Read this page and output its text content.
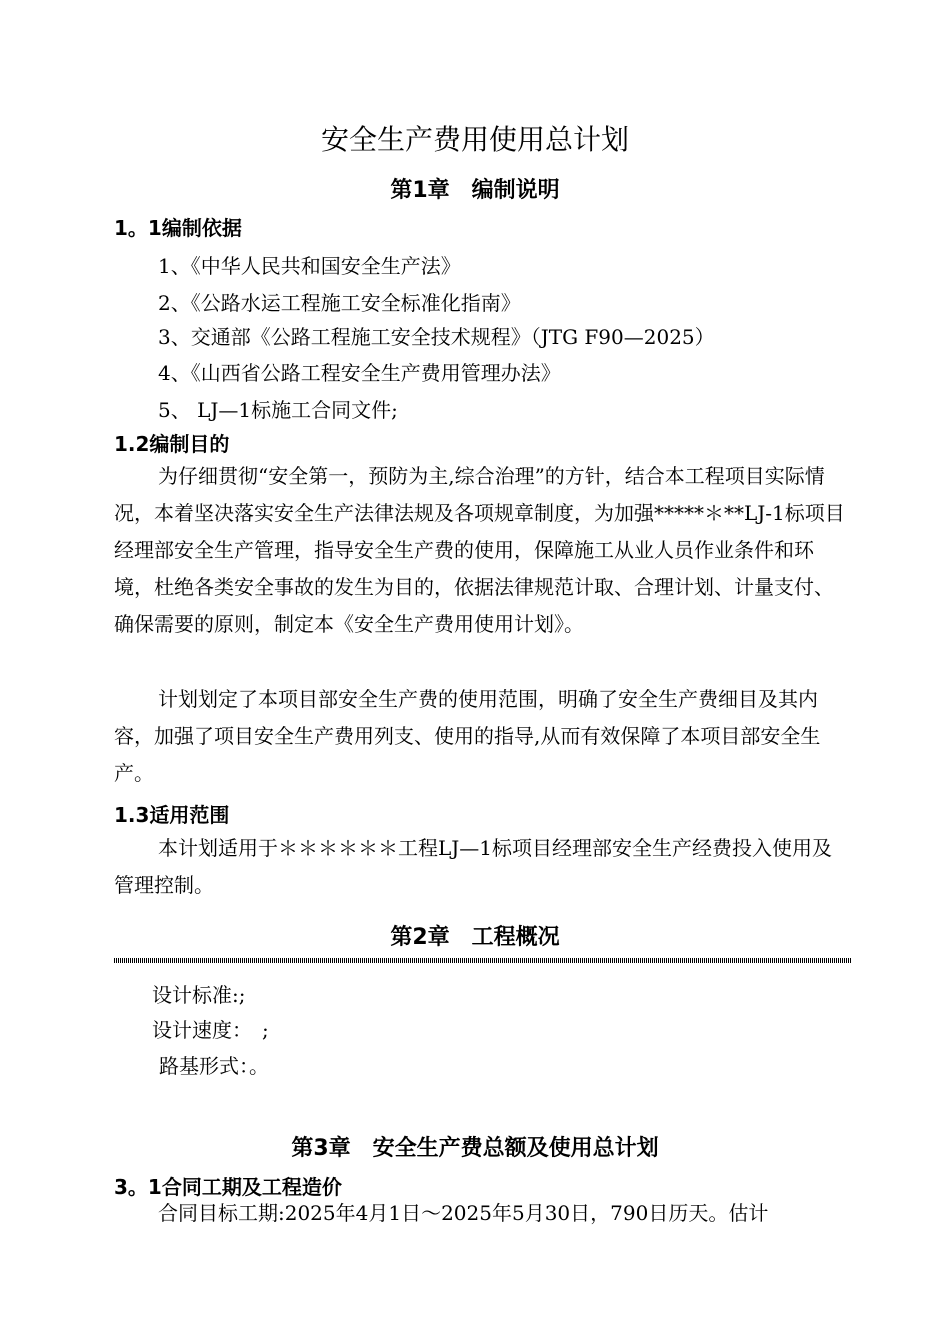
安全生产费用使用总计划
第1章　编制说明
1。1编制依据
1、《中华人民共和国安全生产法》
2、《公路水运工程施工安全标准化指南》
3、交通部《公路工程施工安全技术规程》（JTG F90—2025）
4、《山西省公路工程安全生产费用管理办法》
5、 LJ—1标施工合同文件;
1.2编制目的
为仔细贯彻“安全第一，预防为主,综合治理”的方针，结合本工程项目实际情况，本着坚决落实安全生产法律法规及各项规章制度，为加强*****＊**LJ-1标项目经理部安全生产管理，指导安全生产费的使用，保障施工从业人员作业条件和环境，杜绝各类安全事故的发生为目的，依据法律规范计取、合理计划、计量支付、确保需要的原则，制定本《安全生产费用使用计划》。
计划划定了本项目部安全生产费的使用范围，明确了安全生产费细目及其内容，加强了项目安全生产费用列支、使用的指导,从而有效保障了本项目部安全生产。
1.3适用范围
本计划适用于＊＊＊＊＊＊工程LJ—1标项目经理部安全生产经费投入使用及管理控制。
第2章　工程概况
设计标准:;
设计速度：　;
路基形式：。
第3章　安全生产费总额及使用总计划
3。1合同工期及工程造价
合同目标工期:2025年4月1日～2025年5月30日，790日历天。估计
